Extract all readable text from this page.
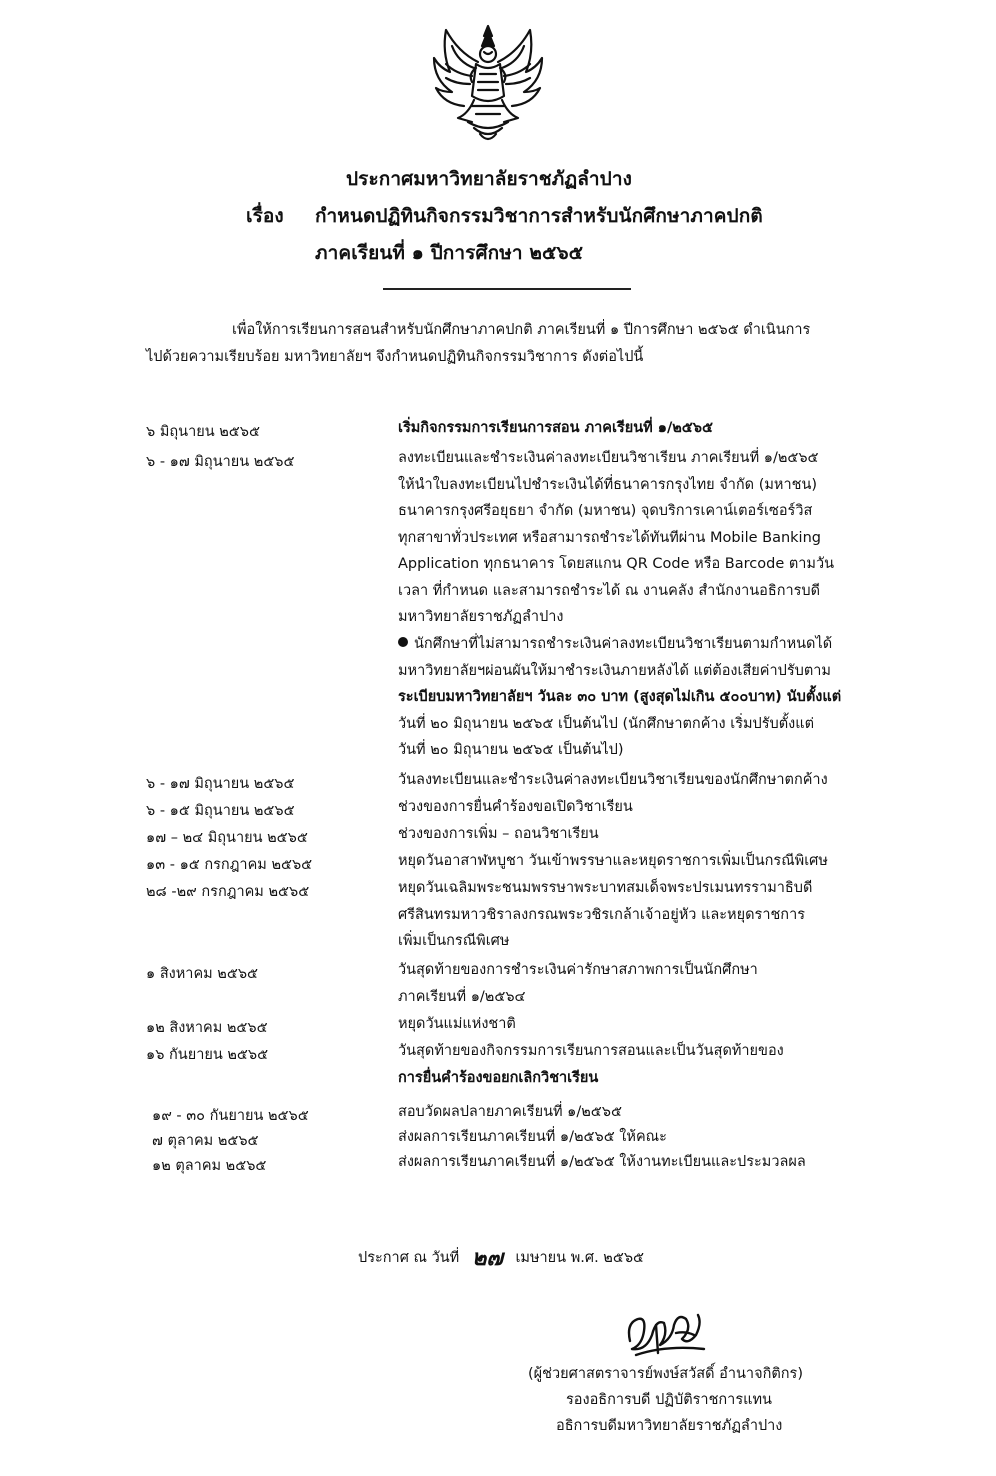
ประกาศมหาวิทยาลัยราชภัฏลำปาง
เรื่อง กำหนดปฏิทินกิจกรรมวิชาการสำหรับนักศึกษาภาคปกติ
ภาคเรียนที่ ๑ ปีการศึกษา ๒๕๖๕
เพื่อให้การเรียนการสอนสำหรับนักศึกษาภาคปกติ ภาคเรียนที่ ๑ ปีการศึกษา ๒๕๖๕ ดำเนินการ
ไปด้วยความเรียบร้อย มหาวิทยาลัยฯ จึงกำหนดปฏิทินกิจกรรมวิชาการ ดังต่อไปนี้
๖ มิถุนายน ๒๕๖๕	เริ่มกิจกรรมการเรียนการสอน ภาคเรียนที่ ๑/๒๕๖๕
๖ - ๑๗ มิถุนายน ๒๕๖๕	ลงทะเบียนและชำระเงินค่าลงทะเบียนวิชาเรียน ภาคเรียนที่ ๑/๒๕๖๕
ให้นำใบลงทะเบียนไปชำระเงินได้ที่ธนาคารกรุงไทย จำกัด (มหาชน)
ธนาคารกรุงศรีอยุธยา จำกัด (มหาชน) จุดบริการเคาน์เตอร์เซอร์วิส
ทุกสาขาทั่วประเทศ หรือสามารถชำระได้ทันทีผ่าน Mobile Banking
Application ทุกธนาคาร โดยสแกน QR Code หรือ Barcode ตามวัน
เวลา ที่กำหนด และสามารถชำระได้ ณ งานคลัง สำนักงานอธิการบดี
มหาวิทยาลัยราชภัฏลำปาง
นักศึกษาที่ไม่สามารถชำระเงินค่าลงทะเบียนวิชาเรียนตามกำหนดได้
มหาวิทยาลัยฯผ่อนผันให้มาชำระเงินภายหลังได้ แต่ต้องเสียค่าปรับตาม
ระเบียบมหาวิทยาลัยฯ วันละ ๓๐ บาท (สูงสุดไม่เกิน ๕๐๐บาท) นับตั้งแต่
วันที่ ๒๐ มิถุนายน ๒๕๖๕ เป็นต้นไป (นักศึกษาตกค้าง เริ่มปรับตั้งแต่
วันที่ ๒๐ มิถุนายน ๒๕๖๕ เป็นต้นไป)
๖ - ๑๗ มิถุนายน ๒๕๖๕	วันลงทะเบียนและชำระเงินค่าลงทะเบียนวิชาเรียนของนักศึกษาตกค้าง
๖ - ๑๕ มิถุนายน ๒๕๖๕	ช่วงของการยื่นคำร้องขอเปิดวิชาเรียน
๑๗ – ๒๔ มิถุนายน ๒๕๖๕	ช่วงของการเพิ่ม – ถอนวิชาเรียน
๑๓ - ๑๕ กรกฎาคม ๒๕๖๕	หยุดวันอาสาฬหบูชา วันเข้าพรรษาและหยุดราชการเพิ่มเป็นกรณีพิเศษ
๒๘ -๒๙ กรกฎาคม ๒๕๖๕	หยุดวันเฉลิมพระชนมพรรษาพระบาทสมเด็จพระปรเมนทรรามาธิบดี
ศรีสินทรมหาวชิราลงกรณพระวชิรเกล้าเจ้าอยู่หัว และหยุดราชการ
เพิ่มเป็นกรณีพิเศษ
๑ สิงหาคม ๒๕๖๕	วันสุดท้ายของการชำระเงินค่ารักษาสภาพการเป็นนักศึกษา
ภาคเรียนที่ ๑/๒๕๖๔
๑๒ สิงหาคม ๒๕๖๕	หยุดวันแม่แห่งชาติ
๑๖ กันยายน ๒๕๖๕	วันสุดท้ายของกิจกรรมการเรียนการสอนและเป็นวันสุดท้ายของ
การยื่นคำร้องขอยกเลิกวิชาเรียน
๑๙ - ๓๐ กันยายน ๒๕๖๕	สอบวัดผลปลายภาคเรียนที่ ๑/๒๕๖๕
๗ ตุลาคม ๒๕๖๕	ส่งผลการเรียนภาคเรียนที่ ๑/๒๕๖๕ ให้คณะ
๑๒ ตุลาคม ๒๕๖๕	ส่งผลการเรียนภาคเรียนที่ ๑/๒๕๖๕ ให้งานทะเบียนและประมวลผล
ประกาศ ณ วันที่ ๒๗ เมษายน พ.ศ. ๒๕๖๕
(ผู้ช่วยศาสตราจารย์พงษ์สวัสดิ์ อำนาจกิติกร)
รองอธิการบดี ปฏิบัติราชการแทน
อธิการบดีมหาวิทยาลัยราชภัฏลำปาง
